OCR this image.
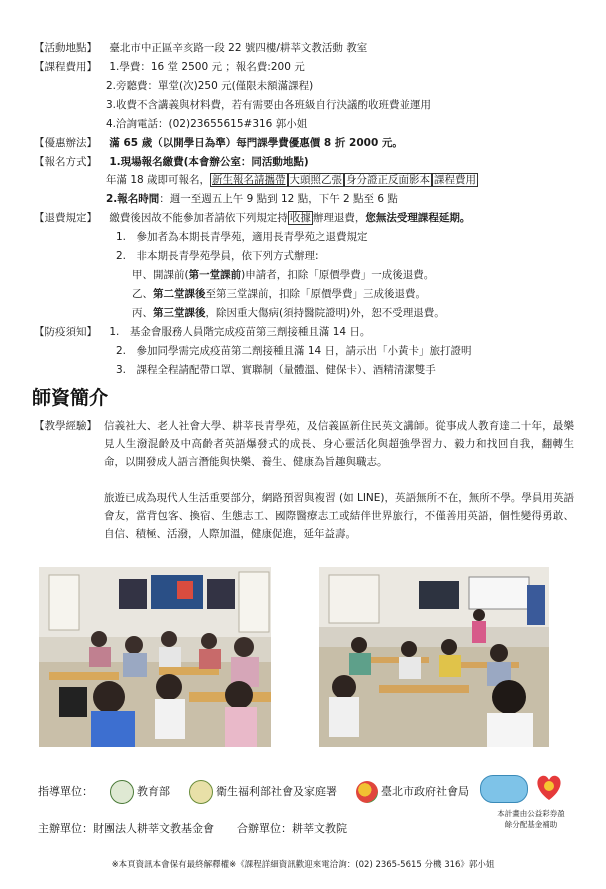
【活動地點】 臺北市中正區辛亥路一段 22 號四樓/耕莘文教活動 教室
【課程費用】 1.學費：16 堂 2500 元 ；報名費:200 元
2.旁聽費：單堂(次)250 元(僅限未額滿課程)
3.收費不含講義與材料費，若有需要由各班級自行決議酌收班費並運用
4.洽詢電話：(02)23655615#316 郭小姐
【優惠辦法】 滿 65 歲（以開學日為準）每門課學費優惠價 8 折 2000 元。
【報名方式】 1.現場報名繳費(本會辦公室：同活動地點)
年滿 18 歲即可報名， 新生報名請攜帶 大頭照乙張 身分證正反面影本 課程費用
2.報名時間：週一至週五上午 9 點到 12 點，下午 2 點至 6 點
【退費規定】 繳費後因故不能參加者請依下列規定持 收據 辦理退費，您無法受理課程延期。
1.　參加者為本期長青學苑，適用長青學苑之退費規定
2.　非本期長青學苑學員，依下列方式辦理:
甲、開課前(第一堂課前)申請者，扣除「原價學費」一成後退費。
乙、第二堂課後至第三堂課前，扣除「原價學費」三成後退費。
丙、第三堂課後，除因重大傷病(須持醫院證明)外，恕不受理退費。
【防疫須知】 1.　基金會服務人員階完成疫苗第三劑接種且滿 14 日。
2.　參加同學需完成疫苗第二劑接種且滿 14 日，請示出「小黃卡」旅打證明
3.　課程全程請配帶口罩、實聯制（量體溫、健保卡）、酒精清潔雙手
師資簡介
【教學經驗】 信義社大、老人社會大學、耕莘長青學苑，及信義區新住民英文講師。從事成人教育達二十年，最樂見人生潑混齡及中高齡者英語爆發式的成長、身心靈活化與超強學習力、毅力和找回自我，翻轉生命，以開發成人語言潛能與快樂、養生、健康為旨趣與職志。
旅遊已成為現代人生活重要部分，網路預習與複習 (如 LINE)，英語無所不在，無所不學。學員用英語會友，當背包客、換宿、生態志工、國際醫療志工或結伴世界旅行，不僅善用英語，個性變得勇敢、自信、積極、活潑，人際加溫，健康促進，延年益壽。
指導單位：	教育部	衛生福利部社會及家庭署	臺北市政府社會局
主辦單位：財團法人耕莘文教基金會 合辦單位：耕莘文教院
本計畫由公益彩券盈餘分配基金補助
※本頁資訊本會保有最終解釋權※《課程詳細資訊歡迎來電洽詢：(02) 2365-5615 分機 316》郭小姐
